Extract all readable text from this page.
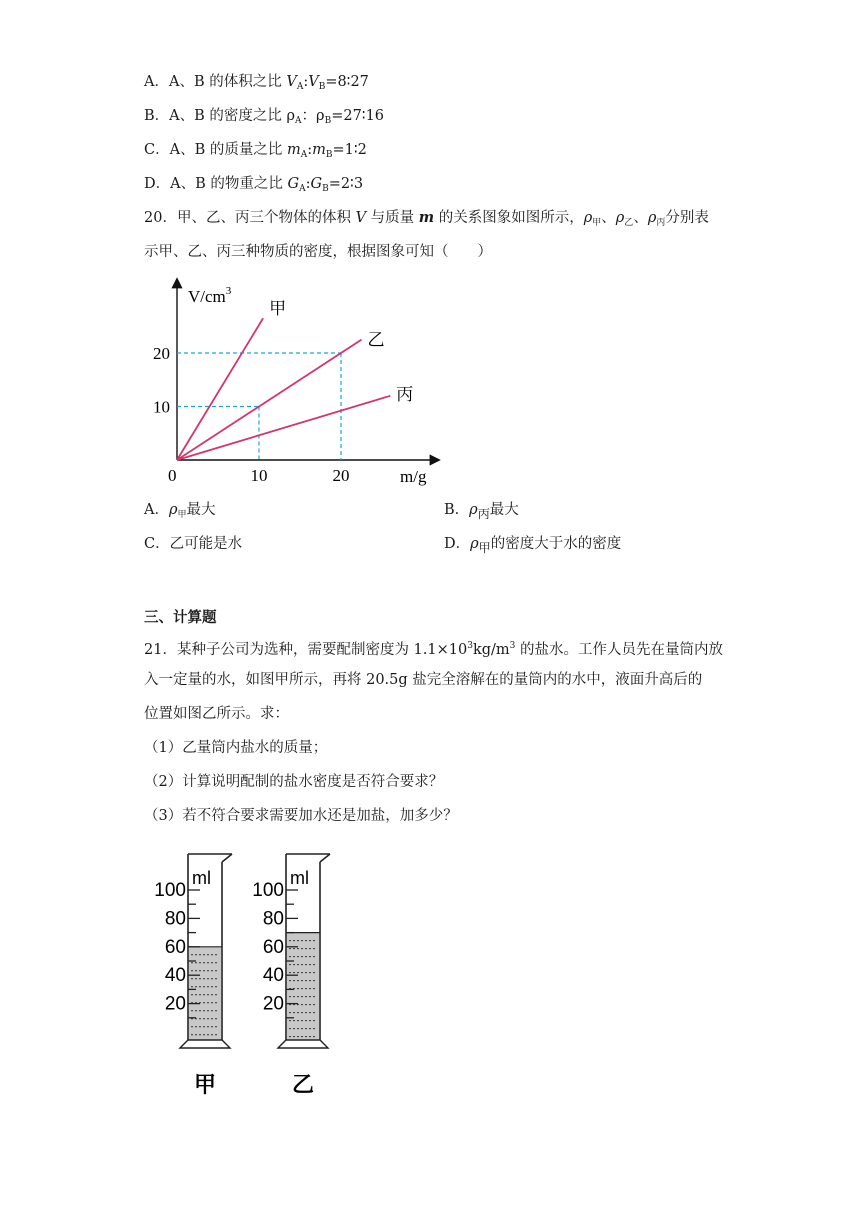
A．A、B 的体积之比 $V_A:V_B=8∶27$
B．A、B 的密度之比 $\rho_A$：$\rho_B=27∶16$
C．A、B 的质量之比 $m_A:m_B=1∶2$
D．A、B 的物重之比 $G_A:G_B=2∶3$
20．甲、乙、丙三个物体的体积 V 与质量 m 的关系图象如图所示，$\rho_甲$、$\rho_乙$、$\rho_丙$分别表
示甲、乙、丙三种物质的密度，根据图象可知（　　）
甲
乙
丙
10	20
10
20
$V/cm^3$
m/g
0
A．$\rho_甲$最大	B．$\rho_丙$最大
C．乙可能是水	D．$\rho_甲$的密度大于水的密度
三、计算题
21．某种子公司为选种，需要配制密度为 $1.1\times 10^3kg/m^3$ 的盐水。工作人员先在量筒内放
入一定量的水，如图甲所示，再将 20.5g 盐完全溶解在的量筒内的水中，液面升高后的
位置如图乙所示。求：
（1）乙量筒内盐水的质量；
（2）计算说明配制的盐水密度是否符合要求？
（3）若不符合要求需要加水还是加盐，加多少？
ml
100
80
60
40
20
甲
ml
100
80
60
40
20
乙
